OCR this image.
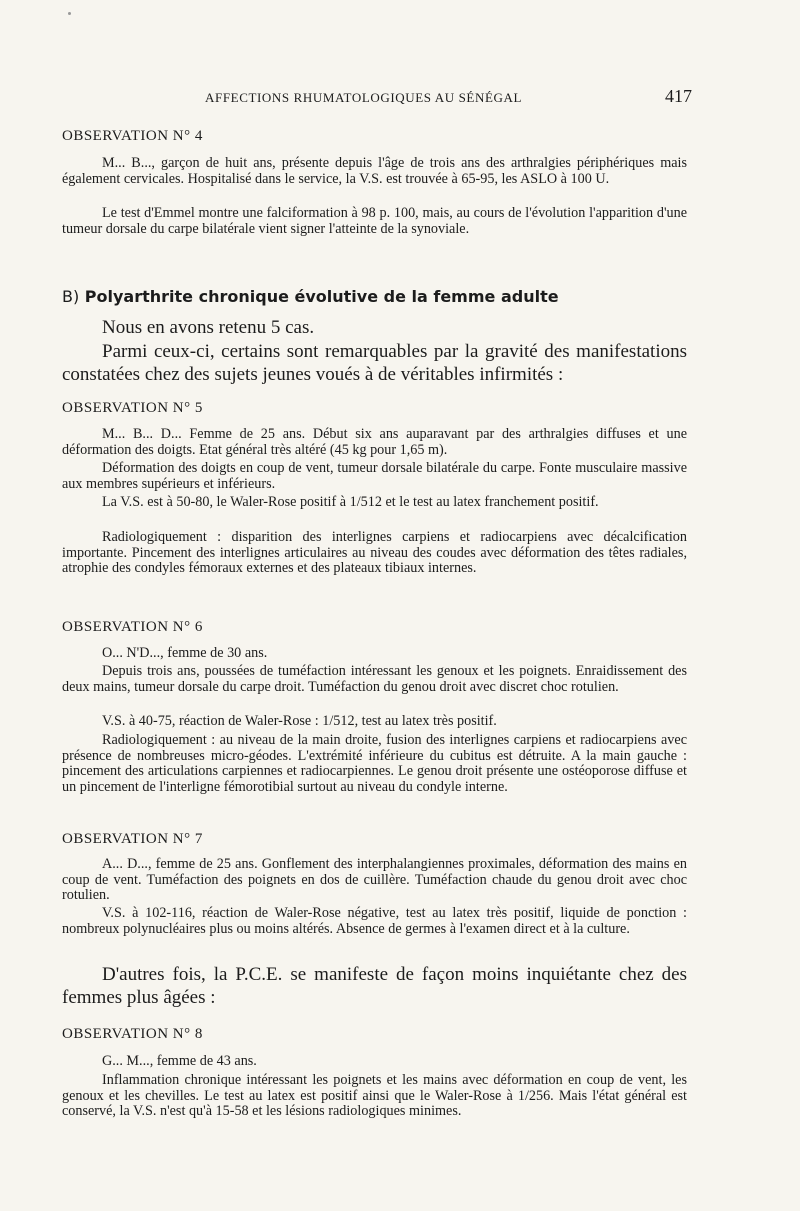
AFFECTIONS RHUMATOLOGIQUES AU SÉNÉGAL	417
OBSERVATION N° 4

M... B..., garçon de huit ans, présente depuis l'âge de trois ans des arthralgies périphériques mais également cervicales. Hospitalisé dans le service, la V.S. est trouvée à 65-95, les ASLO à 100 U.

Le test d'Emmel montre une falciformation à 98 p. 100, mais, au cours de l'évolution l'apparition d'une tumeur dorsale du carpe bilatérale vient signer l'atteinte de la synoviale.

B) Polyarthrite chronique évolutive de la femme adulte

Nous en avons retenu 5 cas.

Parmi ceux-ci, certains sont remarquables par la gravité des manifestations constatées chez des sujets jeunes voués à de véritables infirmités :

OBSERVATION N° 5

M... B... D... Femme de 25 ans. Début six ans auparavant par des arthralgies diffuses et une déformation des doigts. Etat général très altéré (45 kg pour 1,65 m).

Déformation des doigts en coup de vent, tumeur dorsale bilatérale du carpe. Fonte musculaire massive aux membres supérieurs et inférieurs.

La V.S. est à 50-80, le Waler-Rose positif à 1/512 et le test au latex franchement positif.

Radiologiquement : disparition des interlignes carpiens et radiocarpiens avec décalcification importante. Pincement des interlignes articulaires au niveau des coudes avec déformation des têtes radiales, atrophie des condyles fémoraux externes et des plateaux tibiaux internes.

OBSERVATION N° 6

O... N'D..., femme de 30 ans.

Depuis trois ans, poussées de tuméfaction intéressant les genoux et les poignets. Enraidissement des deux mains, tumeur dorsale du carpe droit. Tuméfaction du genou droit avec discret choc rotulien.

V.S. à 40-75, réaction de Waler-Rose : 1/512, test au latex très positif.

Radiologiquement : au niveau de la main droite, fusion des interlignes carpiens et radiocarpiens avec présence de nombreuses micro-géodes. L'extrémité inférieure du cubitus est détruite. A la main gauche : pincement des articulations carpiennes et radiocarpiennes. Le genou droit présente une ostéoporose diffuse et un pincement de l'interligne fémorotibial surtout au niveau du condyle interne.

OBSERVATION N° 7

A... D..., femme de 25 ans. Gonflement des interphalangiennes proximales, déformation des mains en coup de vent. Tuméfaction des poignets en dos de cuillère. Tuméfaction chaude du genou droit avec choc rotulien.

V.S. à 102-116, réaction de Waler-Rose négative, test au latex très positif, liquide de ponction : nombreux polynucléaires plus ou moins altérés. Absence de germes à l'examen direct et à la culture.

D'autres fois, la P.C.E. se manifeste de façon moins inquiétante chez des femmes plus âgées :

OBSERVATION N° 8

G... M..., femme de 43 ans.

Inflammation chronique intéressant les poignets et les mains avec déformation en coup de vent, les genoux et les chevilles. Le test au latex est positif ainsi que le Waler-Rose à 1/256. Mais l'état général est conservé, la V.S. n'est qu'à 15-58 et les lésions radiologiques minimes.
